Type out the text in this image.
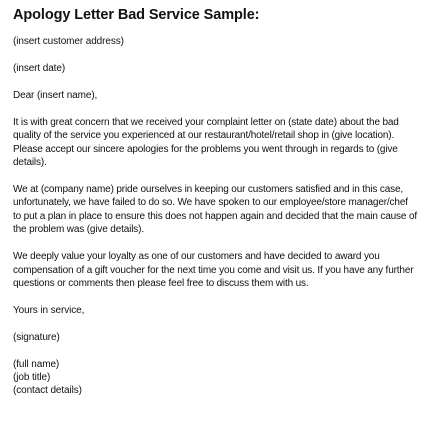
Apology Letter Bad Service Sample:
(insert customer address)
(insert date)
Dear (insert name),
It is with great concern that we received your complaint letter on (state date) about the bad quality of the service you experienced at our restaurant/hotel/retail shop in (give location). Please accept our sincere apologies for the problems you went through in regards to (give details).
We at (company name) pride ourselves in keeping our customers satisfied and in this case, unfortunately, we have failed to do so. We have spoken to our employee/store manager/chef to put a plan in place to ensure this does not happen again and decided that the main cause of the problem was (give details).
We deeply value your loyalty as one of our customers and have decided to award you compensation of a gift voucher for the next time you come and visit us. If you have any further questions or comments then please feel free to discuss them with us.
Yours in service,
(signature)
(full name)
(job title)
(contact details)
